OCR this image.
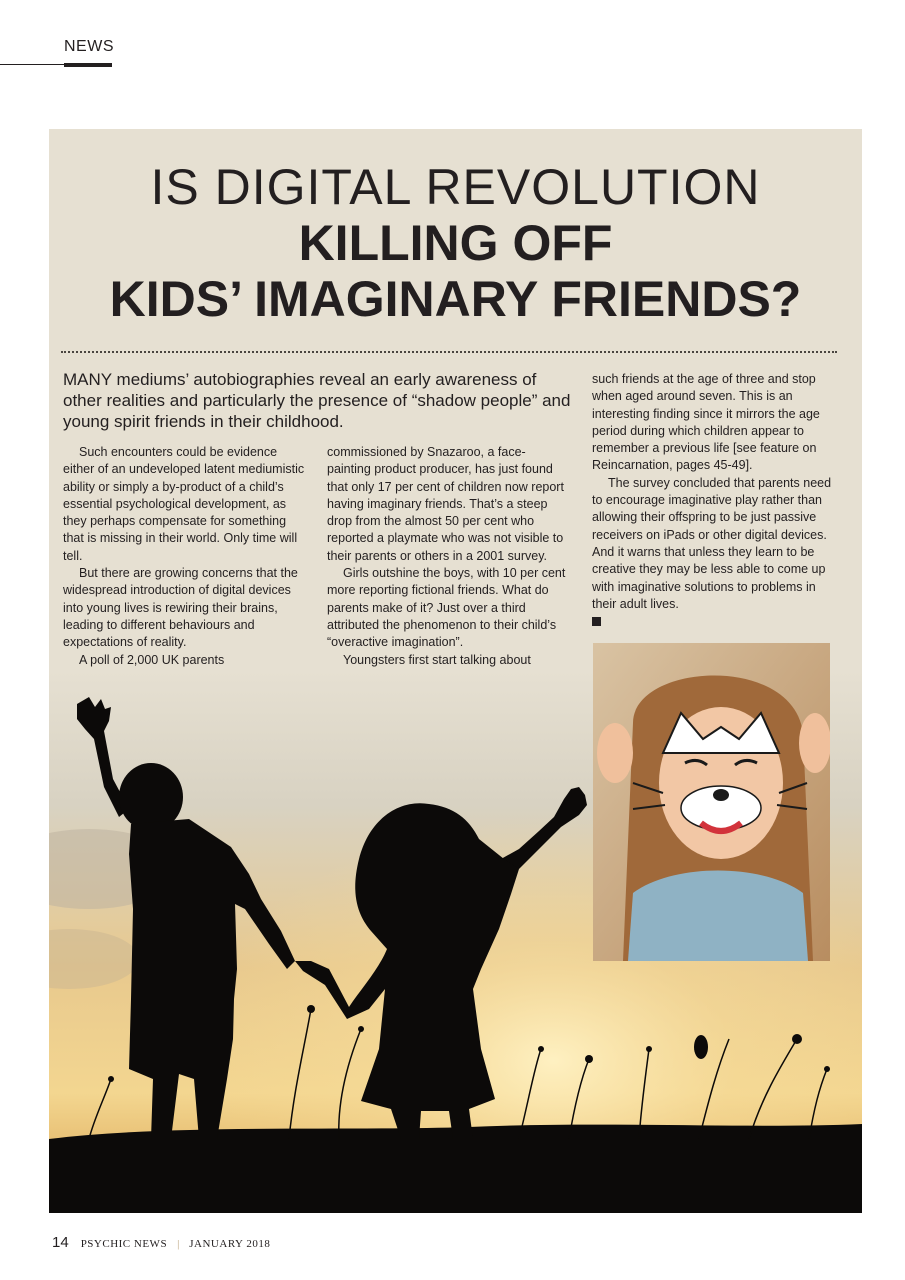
NEWS
IS DIGITAL REVOLUTION
KILLING OFF
KIDS’ IMAGINARY FRIENDS?

MANY mediums’ autobiographies reveal an early awareness of other realities and particularly the presence of “shadow people” and young spirit friends in their childhood.

Such encounters could be evidence either of an undeveloped latent mediumistic ability or simply a by-product of a child’s essential psychological development, as they perhaps compensate for something that is missing in their world. Only time will tell.

But there are growing concerns that the widespread introduction of digital devices into young lives is rewiring their brains, leading to different behaviours and expectations of reality.

A poll of 2,000 UK parents

commissioned by Snazaroo, a face-painting product producer, has just found that only 17 per cent of children now report having imaginary friends. That’s a steep drop from the almost 50 per cent who reported a playmate who was not visible to their parents or others in a 2001 survey.

Girls outshine the boys, with 10 per cent more reporting fictional friends. What do parents make of it? Just over a third attributed the phenomenon to their child’s “overactive imagination”.

Youngsters first start talking about

such friends at the age of three and stop when aged around seven. This is an interesting finding since it mirrors the age period during which children appear to remember a previous life [see feature on Reincarnation, pages 45-49].

The survey concluded that parents need to encourage imaginative play rather than allowing their offspring to be just passive receivers on iPads or other digital devices. And it warns that unless they learn to be creative they may be less able to come up with imaginative solutions to problems in their adult lives.

14 PSYCHIC NEWS | JANUARY 2018
